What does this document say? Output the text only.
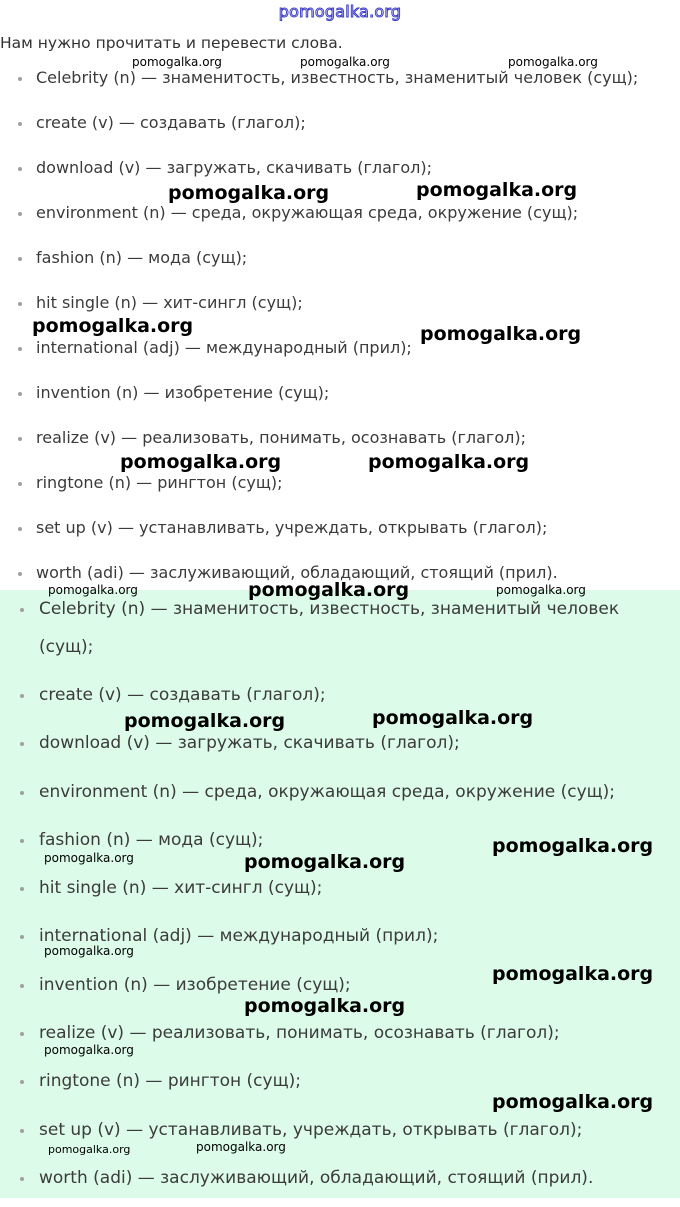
pomogalka.org
Нам нужно прочитать и перевести слова.
Celebrity (n) — знаменитость, известность, знаменитый человек (сущ);
create (v) — создавать (глагол);
download (v) — загружать, скачивать (глагол);
environment (n) — среда, окружающая среда, окружение (сущ);
fashion (n) — мода (сущ);
hit single (n) — хит-сингл (сущ);
international (adj) — международный (прил);
invention (n) — изобретение (сущ);
realize (v) — реализовать, понимать, осознавать (глагол);
ringtone (n) — рингтон (сущ);
set up (v) — устанавливать, учреждать, открывать (глагол);
worth (adi) — заслуживающий, обладающий, стоящий (прил).
Celebrity (n) — знаменитость, известность, знаменитый человек (сущ);
create (v) — создавать (глагол);
download (v) — загружать, скачивать (глагол);
environment (n) — среда, окружающая среда, окружение (сущ);
fashion (n) — мода (сущ);
hit single (n) — хит-сингл (сущ);
international (adj) — международный (прил);
invention (n) — изобретение (сущ);
realize (v) — реализовать, понимать, осознавать (глагол);
ringtone (n) — рингтон (сущ);
set up (v) — устанавливать, учреждать, открывать (глагол);
worth (adi) — заслуживающий, обладающий, стоящий (прил).
pomogalka.org	pomogalka.org	pomogalka.org
pomogalka.org	pomogalka.org
pomogalka.org	pomogalka.org
pomogalka.org	pomogalka.org
pomogalka.org	pomogalka.org	pomogalka.org
pomogalka.org	pomogalka.org
pomogalka.org
pomogalka.org	pomogalka.org
pomogalka.org
pomogalka.org
pomogalka.org
pomogalka.org
pomogalka.org
pomogalka.org	pomogalka.org
